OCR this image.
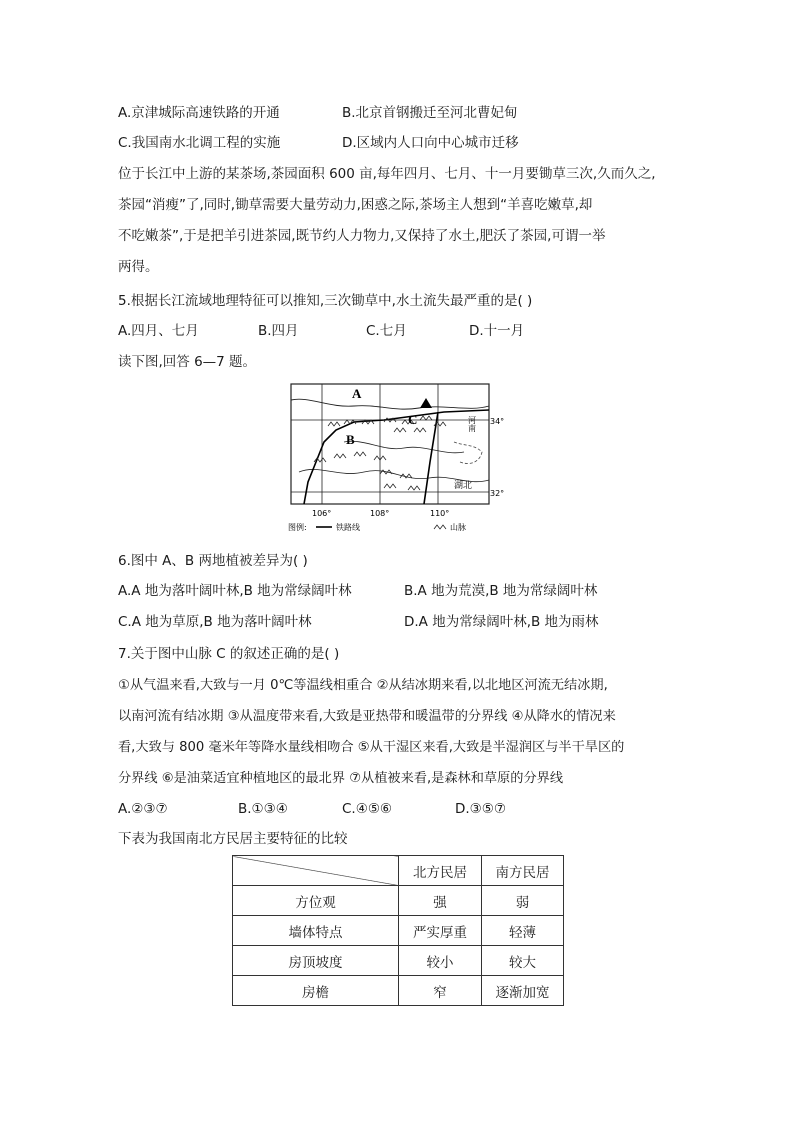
A.京津城际高速铁路的开通	B.北京首钢搬迁至河北曹妃甸
C.我国南水北调工程的实施	D.区域内人口向中心城市迁移
位于长江中上游的某茶场,茶园面积 600 亩,每年四月、七月、十一月要锄草三次,久而久之,
茶园“消瘦”了,同时,锄草需要大量劳动力,困惑之际,茶场主人想到“羊喜吃嫩草,却
不吃嫩茶”,于是把羊引进茶园,既节约人力物力,又保持了水土,肥沃了茶园,可谓一举
两得。
5.根据长江流域地理特征可以推知,三次锄草中,水土流失最严重的是( )
A.四月、七月	B.四月	C.七月	D.十一月
读下图,回答 6—7 题。
A
B
C	河南
湖北
34°
32°
106°	108°	110°
图例:	铁路线	山脉
6.图中 A、B 两地植被差异为( )
A.A 地为落叶阔叶林,B 地为常绿阔叶林	B.A 地为荒漠,B 地为常绿阔叶林
C.A 地为草原,B 地为落叶阔叶林	D.A 地为常绿阔叶林,B 地为雨林
7.关于图中山脉 C 的叙述正确的是( )
①从气温来看,大致与一月 0℃等温线相重合 ②从结冰期来看,以北地区河流无结冰期,
以南河流有结冰期 ③从温度带来看,大致是亚热带和暖温带的分界线 ④从降水的情况来
看,大致与 800 毫米年等降水量线相吻合 ⑤从干湿区来看,大致是半湿润区与半干旱区的
分界线 ⑥是油菜适宜种植地区的最北界 ⑦从植被来看,是森林和草原的分界线
A.②③⑦	B.①③④	C.④⑤⑥	D.③⑤⑦
下表为我国南北方民居主要特征的比较
	北方民居	南方民居
方位观	强	弱
墙体特点	严实厚重	轻薄
房顶坡度	较小	较大
房檐	窄	逐渐加宽
